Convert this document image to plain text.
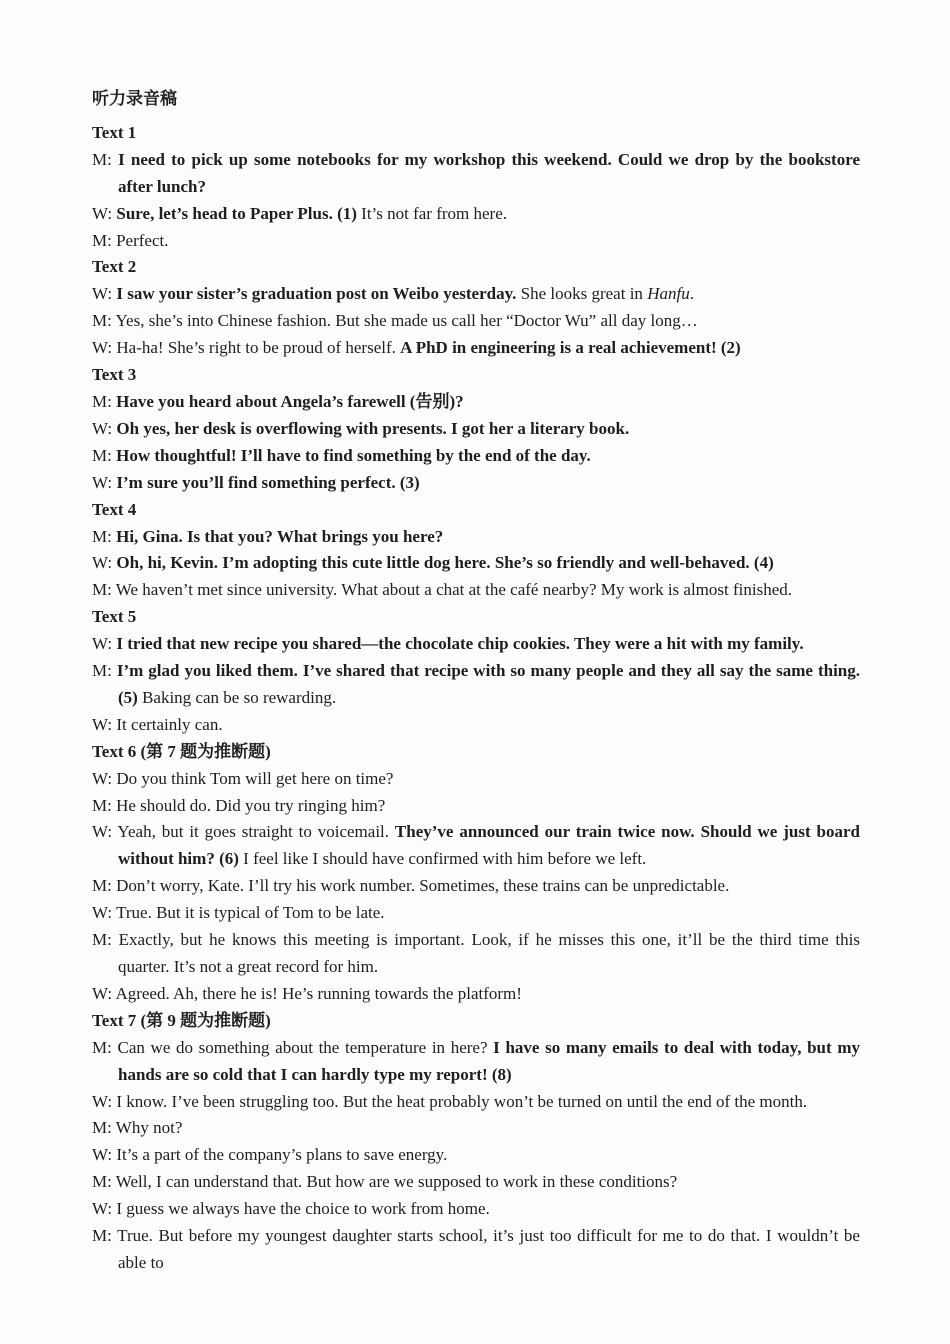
听力录音稿
Text 1
M: I need to pick up some notebooks for my workshop this weekend. Could we drop by the bookstore after lunch?
W: Sure, let’s head to Paper Plus. (1) It’s not far from here.
M: Perfect.
Text 2
W: I saw your sister’s graduation post on Weibo yesterday. She looks great in Hanfu.
M: Yes, she’s into Chinese fashion. But she made us call her “Doctor Wu” all day long…
W: Ha-ha! She’s right to be proud of herself. A PhD in engineering is a real achievement! (2)
Text 3
M: Have you heard about Angela’s farewell (告别)?
W: Oh yes, her desk is overflowing with presents. I got her a literary book.
M: How thoughtful! I’ll have to find something by the end of the day.
W: I’m sure you’ll find something perfect. (3)
Text 4
M: Hi, Gina. Is that you? What brings you here?
W: Oh, hi, Kevin. I’m adopting this cute little dog here. She’s so friendly and well-behaved. (4)
M: We haven’t met since university. What about a chat at the café nearby? My work is almost finished.
Text 5
W: I tried that new recipe you shared—the chocolate chip cookies. They were a hit with my family.
M: I’m glad you liked them. I’ve shared that recipe with so many people and they all say the same thing. (5) Baking can be so rewarding.
W: It certainly can.
Text 6 (第 7 题为推断题)
W: Do you think Tom will get here on time?
M: He should do. Did you try ringing him?
W: Yeah, but it goes straight to voicemail. They’ve announced our train twice now. Should we just board without him? (6) I feel like I should have confirmed with him before we left.
M: Don’t worry, Kate. I’ll try his work number. Sometimes, these trains can be unpredictable.
W: True. But it is typical of Tom to be late.
M: Exactly, but he knows this meeting is important. Look, if he misses this one, it’ll be the third time this quarter. It’s not a great record for him.
W: Agreed. Ah, there he is! He’s running towards the platform!
Text 7 (第 9 题为推断题)
M: Can we do something about the temperature in here? I have so many emails to deal with today, but my hands are so cold that I can hardly type my report! (8)
W: I know. I’ve been struggling too. But the heat probably won’t be turned on until the end of the month.
M: Why not?
W: It’s a part of the company’s plans to save energy.
M: Well, I can understand that. But how are we supposed to work in these conditions?
W: I guess we always have the choice to work from home.
M: True. But before my youngest daughter starts school, it’s just too difficult for me to do that. I wouldn’t be able to
